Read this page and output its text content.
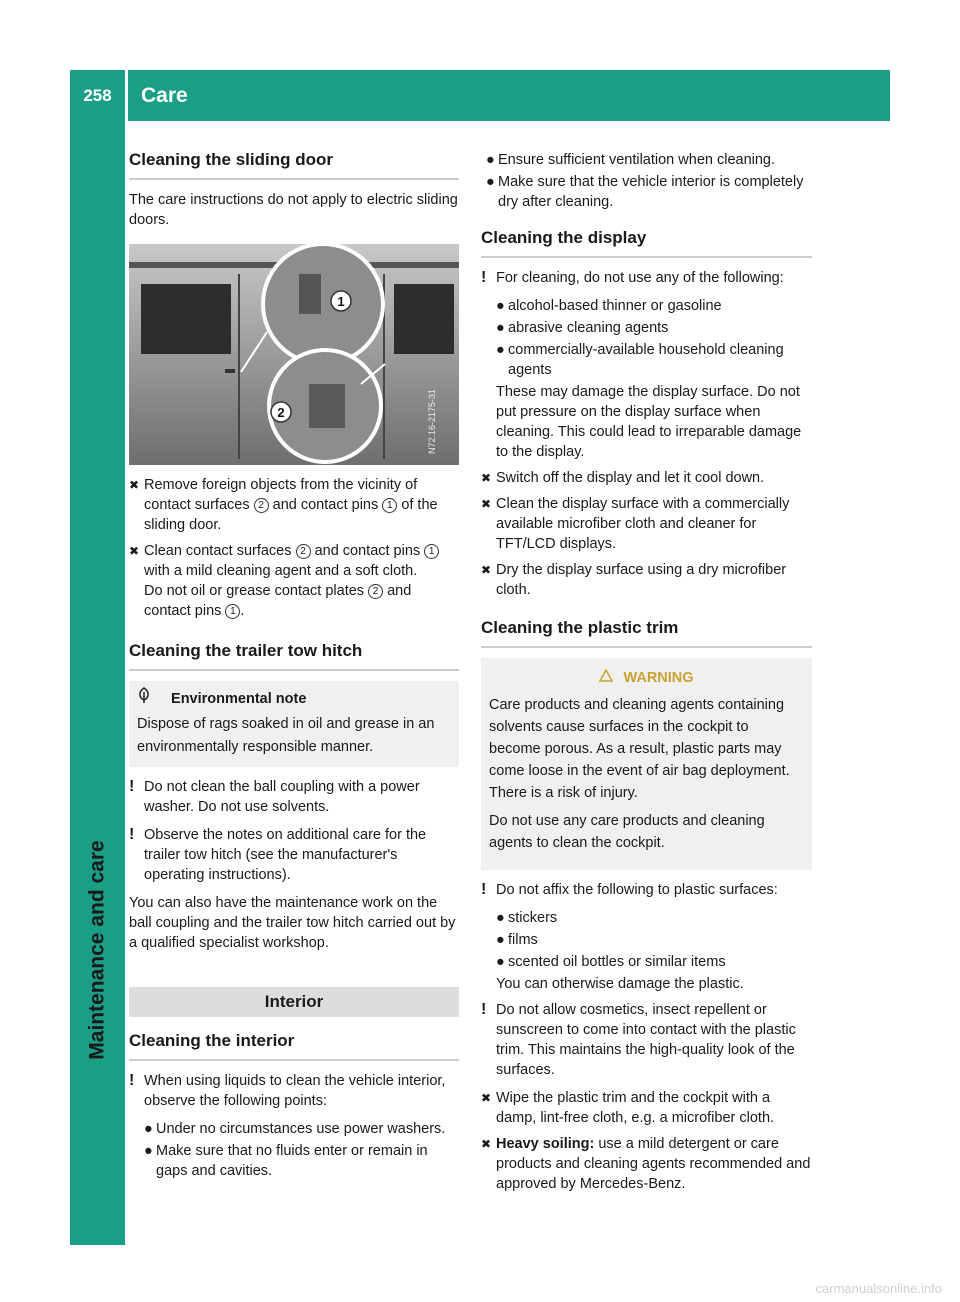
258	Care
Maintenance and care
Cleaning the sliding door

The care instructions do not apply to electric sliding doors.

1
2	N72.16-2175-31
✖ Remove foreign objects from the vicinity of contact surfaces 2 and contact pins 1 of the sliding door.
✖ Clean contact surfaces 2 and contact pins 1 with a mild cleaning agent and a soft cloth.
Do not oil or grease contact plates 2 and contact pins 1 .
Cleaning the trailer tow hitch
Environmental note
Dispose of rags soaked in oil and grease in an environmentally responsible manner.
! Do not clean the ball coupling with a power washer. Do not use solvents.
! Observe the notes on additional care for the trailer tow hitch (see the manufacturer's operating instructions).

You can also have the maintenance work on the ball coupling and the trailer tow hitch carried out by a qualified specialist workshop.

Interior
Cleaning the interior
! When using liquids to clean the vehicle interior, observe the following points:
● Under no circumstances use power washers.
● Make sure that no fluids enter or remain in gaps and cavities.
● Ensure sufficient ventilation when cleaning.
● Make sure that the vehicle interior is completely dry after cleaning.
Cleaning the display
! For cleaning, do not use any of the following:
● alcohol-based thinner or gasoline
● abrasive cleaning agents
● commercially-available household cleaning agents

These may damage the display surface. Do not put pressure on the display surface when cleaning. This could lead to irreparable damage to the display.

✖ Switch off the display and let it cool down.
✖ Clean the display surface with a commercially available microfiber cloth and cleaner for TFT/LCD displays.
✖ Dry the display surface using a dry microfiber cloth.
Cleaning the plastic trim
WARNING
Care products and cleaning agents containing solvents cause surfaces in the cockpit to become porous. As a result, plastic parts may come loose in the event of air bag deployment. There is a risk of injury.
Do not use any care products and cleaning agents to clean the cockpit.
! Do not affix the following to plastic surfaces:
● stickers
● films
● scented oil bottles or similar items

You can otherwise damage the plastic.

! Do not allow cosmetics, insect repellent or sunscreen to come into contact with the plastic trim. This maintains the high-quality look of the surfaces.
✖ Wipe the plastic trim and the cockpit with a damp, lint-free cloth, e.g. a microfiber cloth.
✖ Heavy soiling: use a mild detergent or care products and cleaning agents recommended and approved by Mercedes-Benz.
carmanualsonline.info
